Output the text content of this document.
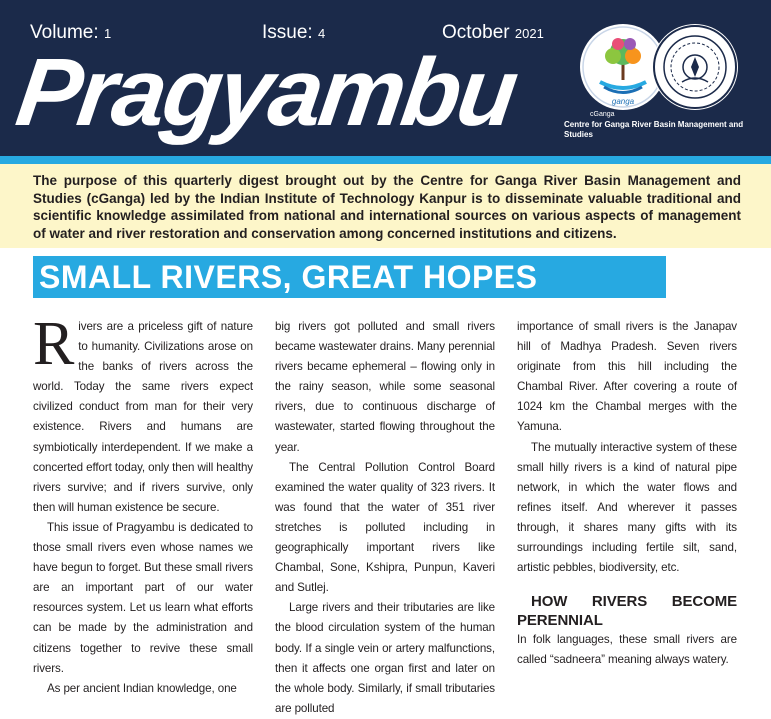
Volume: 1	Issue: 4	October 2021
Pragyambu	ganga
cGanga
Centre for Ganga River Basin Management and Studies

The purpose of this quarterly digest brought out by the Centre for Ganga River Basin Management and Studies (cGanga) led by the Indian Institute of Technology Kanpur is to disseminate valuable traditional and scientific knowledge assimilated from national and international sources on various aspects of management of water and river restoration and conservation among concerned institutions and citizens.

SMALL RIVERS, GREAT HOPES

Rivers are a priceless gift of nature to humanity. Civilizations arose on the banks of rivers across the world. Today the same rivers expect civilized conduct from man for their very existence. Rivers and humans are symbiotically interdependent. If we make a concerted effort today, only then will healthy rivers survive; and if rivers survive, only then will human existence be secure.

This issue of Pragyambu is dedicated to those small rivers even whose names we have begun to forget. But these small rivers are an important part of our water resources system. Let us learn what efforts can be made by the administration and citizens together to revive these small rivers.

As per ancient Indian knowledge, one

big rivers got polluted and small rivers became wastewater drains. Many perennial rivers became ephemeral – flowing only in the rainy season, while some seasonal rivers, due to continuous discharge of wastewater, started flowing throughout the year.

The Central Pollution Control Board examined the water quality of 323 rivers. It was found that the water of 351 river stretches is polluted including in geographically important rivers like Chambal, Sone, Kshipra, Punpun, Kaveri and Sutlej.

Large rivers and their tributaries are like the blood circulation system of the human body. If a single vein or artery malfunctions, then it affects one organ first and later on the whole body. Similarly, if small tributaries are polluted

importance of small rivers is the Janapav hill of Madhya Pradesh. Seven rivers originate from this hill including the Chambal River. After covering a route of 1024 km the Chambal merges with the Yamuna.

The mutually interactive system of these small hilly rivers is a kind of natural pipe network, in which the water flows and refines itself. And wherever it passes through, it shares many gifts with its surroundings including fertile silt, sand, artistic pebbles, biodiversity, etc.

HOW RIVERS BECOME PERENNIAL

In folk languages, these small rivers are called “sadneera” meaning always watery.
